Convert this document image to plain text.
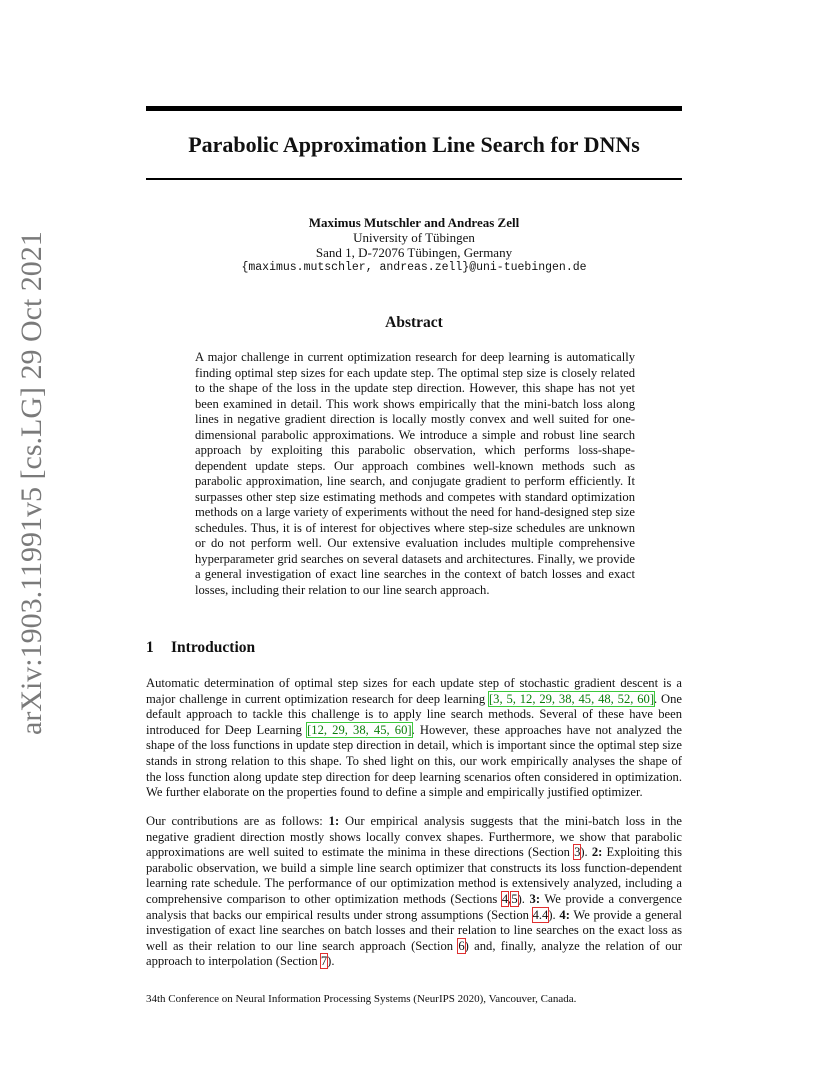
arXiv:1903.11991v5 [cs.LG] 29 Oct 2021
Parabolic Approximation Line Search for DNNs
Maximus Mutschler and Andreas Zell
University of Tübingen
Sand 1, D-72076 Tübingen, Germany
{maximus.mutschler, andreas.zell}@uni-tuebingen.de
Abstract

A major challenge in current optimization research for deep learning is automatically finding optimal step sizes for each update step. The optimal step size is closely related to the shape of the loss in the update step direction. However, this shape has not yet been examined in detail. This work shows empirically that the mini-batch loss along lines in negative gradient direction is locally mostly convex and well suited for one-dimensional parabolic approximations. We introduce a simple and robust line search approach by exploiting this parabolic observation, which performs loss-shape-dependent update steps. Our approach combines well-known methods such as parabolic approximation, line search, and conjugate gradient to perform efficiently. It surpasses other step size estimating methods and competes with standard optimization methods on a large variety of experiments without the need for hand-designed step size schedules. Thus, it is of interest for objectives where step-size schedules are unknown or do not perform well. Our extensive evaluation includes multiple comprehensive hyperparameter grid searches on several datasets and architectures. Finally, we provide a general investigation of exact line searches in the context of batch losses and exact losses, including their relation to our line search approach.

1 Introduction

Automatic determination of optimal step sizes for each update step of stochastic gradient descent is a major challenge in current optimization research for deep learning [3, 5, 12, 29, 38, 45, 48, 52, 60]. One default approach to tackle this challenge is to apply line search methods. Several of these have been introduced for Deep Learning [12, 29, 38, 45, 60]. However, these approaches have not analyzed the shape of the loss functions in update step direction in detail, which is important since the optimal step size stands in strong relation to this shape. To shed light on this, our work empirically analyses the shape of the loss function along update step direction for deep learning scenarios often considered in optimization. We further elaborate on the properties found to define a simple and empirically justified optimizer.

Our contributions are as follows: 1: Our empirical analysis suggests that the mini-batch loss in the negative gradient direction mostly shows locally convex shapes. Furthermore, we show that parabolic approximations are well suited to estimate the minima in these directions (Section 3). 2: Exploiting this parabolic observation, we build a simple line search optimizer that constructs its loss function-dependent learning rate schedule. The performance of our optimization method is extensively analyzed, including a comprehensive comparison to other optimization methods (Sections 4,5). 3: We provide a convergence analysis that backs our empirical results under strong assumptions (Section 4.4). 4: We provide a general investigation of exact line searches on batch losses and their relation to line searches on the exact loss as well as their relation to our line search approach (Section 6) and, finally, analyze the relation of our approach to interpolation (Section 7).

34th Conference on Neural Information Processing Systems (NeurIPS 2020), Vancouver, Canada.
